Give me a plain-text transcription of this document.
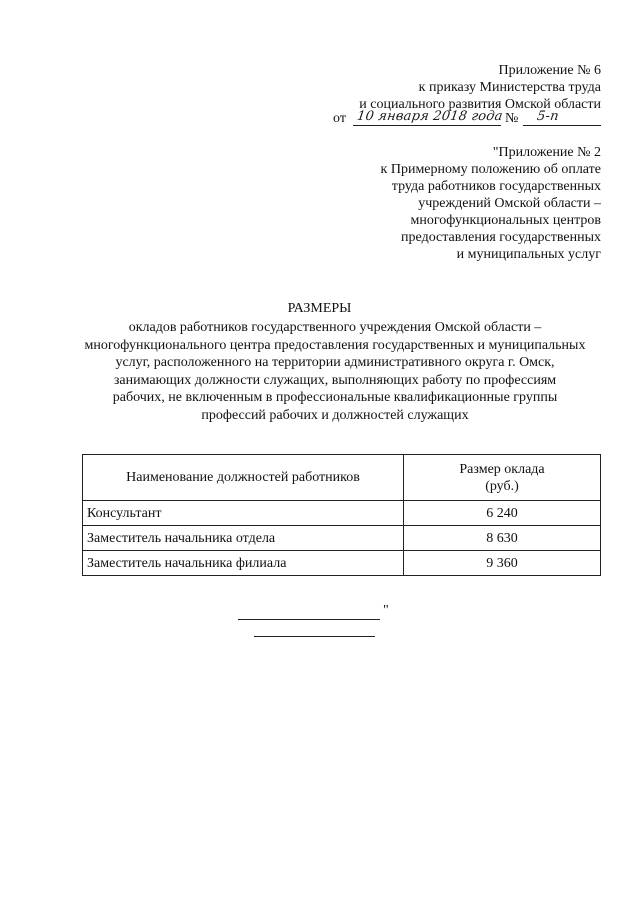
Приложение № 6
к приказу Министерства труда
и социального развития Омской области
от 10 января 2018 года № 5-п
"Приложение № 2
к Примерному положению об оплате
труда работников государственных
учреждений Омской области –
многофункциональных центров
предоставления государственных
и муниципальных услуг
РАЗМЕРЫ
окладов работников государственного учреждения Омской области –
многофункционального центра предоставления государственных и муниципальных
услуг, расположенного на территории административного округа г. Омск,
занимающих должности служащих, выполняющих работу по профессиям
рабочих, не включенным в профессиональные квалификационные группы
профессий рабочих и должностей служащих
Наименование должностей работников	Размер оклада
(руб.)

Консультант	6 240
Заместитель начальника отдела	8 630
Заместитель начальника филиала	9 360
"
